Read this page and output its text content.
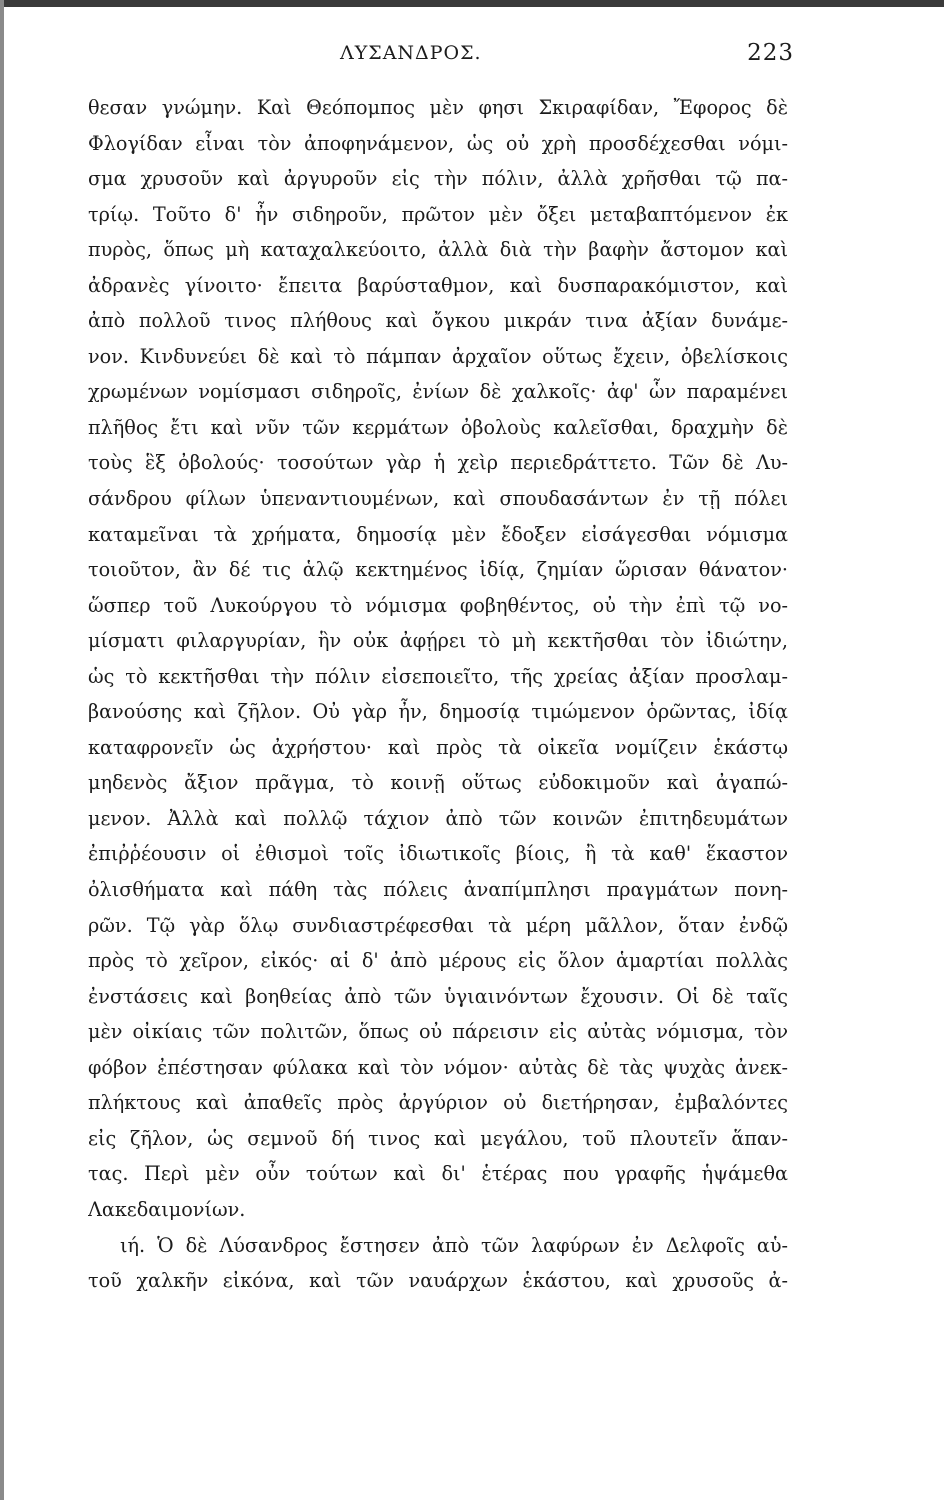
ΛΥΣΑΝΔΡΟΣ.	223
θεσαν γνώμην. Καὶ Θεόπομπος μὲν φησι Σκιραφίδαν, Ἔφορος δὲ
Φλογίδαν εἶναι τὸν ἀποφηνάμενον, ὡς οὐ χρὴ προσδέχεσθαι νόμι-
σμα χρυσοῦν καὶ ἀργυροῦν εἰς τὴν πόλιν, ἀλλὰ χρῆσθαι τῷ πα-
τρίῳ. Τοῦτο δ' ἦν σιδηροῦν, πρῶτον μὲν ὄξει μεταβαπτόμενον ἐκ
πυρὸς, ὅπως μὴ καταχαλκεύοιτο, ἀλλὰ διὰ τὴν βαφὴν ἄστομον καὶ
ἀδρανὲς γίνοιτο· ἔπειτα βαρύσταθμον, καὶ δυσπαρακόμιστον, καὶ
ἀπὸ πολλοῦ τινος πλήθους καὶ ὄγκου μικράν τινα ἀξίαν δυνάμε-
νον. Κινδυνεύει δὲ καὶ τὸ πάμπαν ἀρχαῖον οὕτως ἔχειν, ὀβελίσκοις
χρωμένων νομίσμασι σιδηροῖς, ἐνίων δὲ χαλκοῖς· ἀφ' ὧν παραμένει
πλῆθος ἔτι καὶ νῦν τῶν κερμάτων ὀβολοὺς καλεῖσθαι, δραχμὴν δὲ
τοὺς ἓξ ὀβολούς· τοσούτων γὰρ ἡ χεὶρ περιεδράττετο. Τῶν δὲ Λυ-
σάνδρου φίλων ὑπεναντιουμένων, καὶ σπουδασάντων ἐν τῇ πόλει
καταμεῖναι τὰ χρήματα, δημοσίᾳ μὲν ἔδοξεν εἰσάγεσθαι νόμισμα
τοιοῦτον, ἂν δέ τις ἁλῷ κεκτημένος ἰδίᾳ, ζημίαν ὥρισαν θάνατον·
ὥσπερ τοῦ Λυκούργου τὸ νόμισμα φοβηθέντος, οὐ τὴν ἐπὶ τῷ νο-
μίσματι φιλαργυρίαν, ἣν οὐκ ἀφῄρει τὸ μὴ κεκτῆσθαι τὸν ἰδιώτην,
ὡς τὸ κεκτῆσθαι τὴν πόλιν εἰσεποιεῖτο, τῆς χρείας ἀξίαν προσλαμ-
βανούσης καὶ ζῆλον. Οὐ γὰρ ἦν, δημοσίᾳ τιμώμενον ὁρῶντας, ἰδίᾳ
καταφρονεῖν ὡς ἀχρήστου· καὶ πρὸς τὰ οἰκεῖα νομίζειν ἑκάστῳ
μηδενὸς ἄξιον πρᾶγμα, τὸ κοινῇ οὕτως εὐδοκιμοῦν καὶ ἀγαπώ-
μενον. Ἀλλὰ καὶ πολλῷ τάχιον ἀπὸ τῶν κοινῶν ἐπιτηδευμάτων
ἐπιῤῥέουσιν οἱ ἐθισμοὶ τοῖς ἰδιωτικοῖς βίοις, ἢ τὰ καθ' ἕκαστον
ὀλισθήματα καὶ πάθη τὰς πόλεις ἀναπίμπλησι πραγμάτων πονη-
ρῶν. Τῷ γὰρ ὅλῳ συνδιαστρέφεσθαι τὰ μέρη μᾶλλον, ὅταν ἐνδῷ
πρὸς τὸ χεῖρον, εἰκός· αἱ δ' ἀπὸ μέρους εἰς ὅλον ἁμαρτίαι πολλὰς
ἐνστάσεις καὶ βοηθείας ἀπὸ τῶν ὑγιαινόντων ἔχουσιν. Οἱ δὲ ταῖς
μὲν οἰκίαις τῶν πολιτῶν, ὅπως οὐ πάρεισιν εἰς αὐτὰς νόμισμα, τὸν
φόβον ἐπέστησαν φύλακα καὶ τὸν νόμον· αὐτὰς δὲ τὰς ψυχὰς ἀνεκ-
πλήκτους καὶ ἀπαθεῖς πρὸς ἀργύριον οὐ διετήρησαν, ἐμβαλόντες
εἰς ζῆλον, ὡς σεμνοῦ δή τινος καὶ μεγάλου, τοῦ πλουτεῖν ἅπαν-
τας. Περὶ μὲν οὖν τούτων καὶ δι' ἑτέρας που γραφῆς ἡψάμεθα
Λακεδαιμονίων.
ιή. Ὁ δὲ Λύσανδρος ἔστησεν ἀπὸ τῶν λαφύρων ἐν Δελφοῖς αὑ-
τοῦ χαλκῆν εἰκόνα, καὶ τῶν ναυάρχων ἑκάστου, καὶ χρυσοῦς ἀ-
